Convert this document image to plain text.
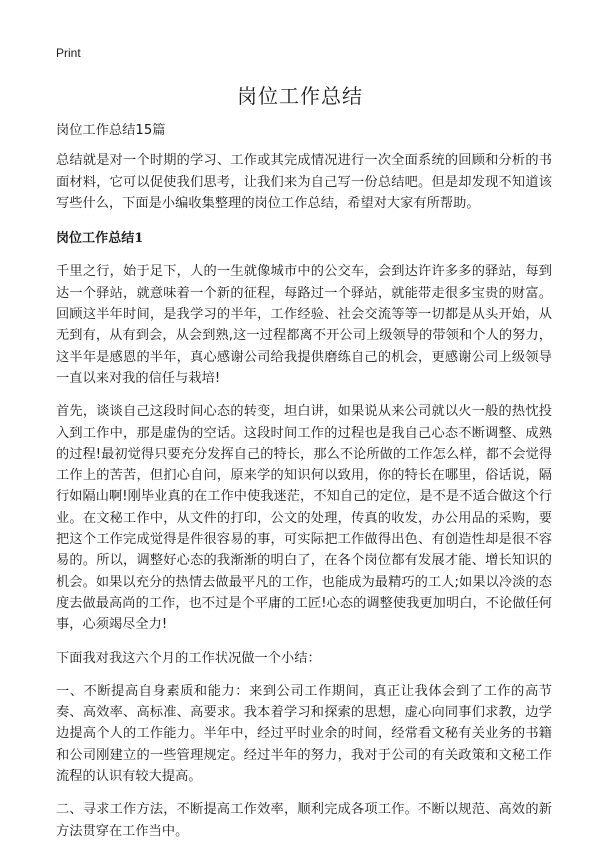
Print
岗位工作总结

岗位工作总结15篇

总结就是对一个时期的学习、工作或其完成情况进行一次全面系统的回顾和分析的书面材料，它可以促使我们思考，让我们来为自己写一份总结吧。但是却发现不知道该写些什么，下面是小编收集整理的岗位工作总结，希望对大家有所帮助。

岗位工作总结1

千里之行，始于足下，人的一生就像城市中的公交车，会到达许许多多的驿站，每到达一个驿站，就意味着一个新的征程，每路过一个驿站，就能带走很多宝贵的财富。回顾这半年时间，是我学习的半年，工作经验、社会交流等等一切都是从头开始，从无到有，从有到会，从会到熟,这一过程都离不开公司上级领导的带领和个人的努力，这半年是感恩的半年，真心感谢公司给我提供磨练自己的机会，更感谢公司上级领导一直以来对我的信任与栽培!

首先，谈谈自己这段时间心态的转变，坦白讲，如果说从来公司就以火一般的热忱投入到工作中，那是虚伪的空话。这段时间工作的过程也是我自己心态不断调整、成熟的过程!最初觉得只要充分发挥自己的特长，那么不论所做的工作怎么样，都不会觉得工作上的苦苦，但扪心自问，原来学的知识何以致用，你的特长在哪里，俗话说，隔行如隔山啊!刚毕业真的在工作中使我迷茫，不知自己的定位，是不是不适合做这个行业。在文秘工作中，从文件的打印，公文的处理，传真的收发，办公用品的采购，要把这个工作完成觉得是件很容易的事，可实际把工作做得出色、有创造性却是很不容易的。所以，调整好心态的我渐渐的明白了，在各个岗位都有发展才能、增长知识的机会。如果以充分的热情去做最平凡的工作，也能成为最精巧的工人;如果以冷淡的态度去做最高尚的工作，也不过是个平庸的工匠!心态的调整使我更加明白，不论做任何事，心须竭尽全力!

下面我对我这六个月的工作状况做一个小结：

一、不断提高自身素质和能力：来到公司工作期间，真正让我体会到了工作的高节奏、高效率、高标准、高要求。我本着学习和探索的思想，虚心向同事们求教，边学边提高个人的工作能力。半年中，经过平时业余的时间，经常看文秘有关业务的书籍和公司刚建立的一些管理规定。经过半年的努力，我对于公司的有关政策和文秘工作流程的认识有较大提高。

二、寻求工作方法，不断提高工作效率，顺利完成各项工作。不断以规范、高效的新方法贯穿在工作当中。
